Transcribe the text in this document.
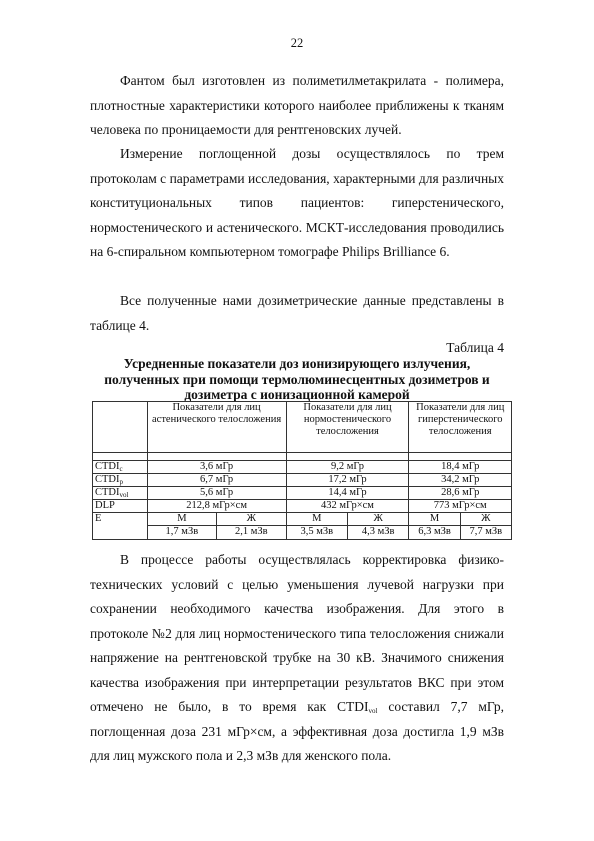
22

Фантом был изготовлен из полиметилметакрилата - полимера, плотностные характеристики которого наиболее приближены к тканям человека по проницаемости для рентгеновских лучей.

Измерение поглощенной дозы осуществлялось по трем протоколам с параметрами исследования, характерными для различных конституциональных типов пациентов: гиперстенического, нормостенического и астенического. МСКТ-исследования проводились на 6-спиральном компьютерном томографе Philips Brilliance 6.

Все полученные нами дозиметрические данные представлены в таблице 4.

Таблица 4
Усредненные показатели доз ионизирующего излучения, полученных при помощи термолюминесцентных дозиметров и дозиметра с ионизационной камерой
	Показатели для лиц астенического телосложения		Показатели для лиц нормостенического телосложения		Показатели для лиц гиперстенического телосложения	

$CTDI_c$	3,6 мГр		9,2 мГр		18,4 мГр	
$CTDI_p$	6,7 мГр		17,2 мГр		34,2 мГр	
$CTDI_{vol}$	5,6 мГр		14,4 мГр		28,6 мГр	
DLP	212,8 мГр×см		432 мГр×см		773 мГр×см	
E	М	Ж	М	Ж	М	Ж
	1,7 мЗв	2,1 мЗв	3,5 мЗв	4,3 мЗв	6,3 мЗв	7,7 мЗв

В процессе работы осуществлялась корректировка физико-технических условий с целью уменьшения лучевой нагрузки при сохранении необходимого качества изображения. Для этого в протоколе №2 для лиц нормостенического типа телосложения снижали напряжение на рентгеновской трубке на 30 кВ. Значимого снижения качества изображения при интерпретации результатов ВКС при этом отмечено не было, в то время как $CTDI_{vol}$ составил 7,7 мГр, поглощенная доза 231 мГр×см, а эффективная доза достигла 1,9 мЗв для лиц мужского пола и 2,3 мЗв для женского пола.
